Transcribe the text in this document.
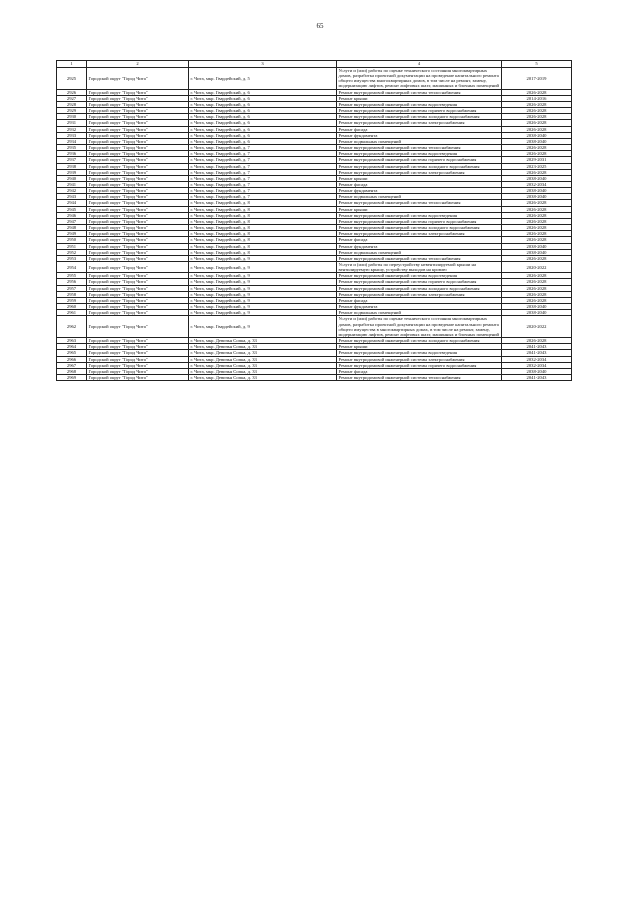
65
1	2	3	4	5
2925	Городской округ "Город Чита"	г. Чита, мкр. Гвардейский, д. 5	Услуги и (или) работы по оценке технического состояния многоквартирных домов, разработка проектной документации на проведение капитального ремонта общего имущества многоквартирных домов, в том числе на ремонт, замену, модернизацию лифтов, ремонт лифтовых шахт, машинных и блочных помещений	2017-2019
2926	Городской округ "Город Чита"	г. Чита, мкр. Гвардейский, д. 6	Ремонт внутридомовой инженерной системы теплоснабжения	2026-2028
2927	Городской округ "Город Чита"	г. Чита, мкр. Гвардейский, д. 6	Ремонт крыши	2014-2016
2928	Городской округ "Город Чита"	г. Чита, мкр. Гвардейский, д. 6	Ремонт внутридомовой инженерной системы водоотведения	2026-2028
2929	Городской округ "Город Чита"	г. Чита, мкр. Гвардейский, д. 6	Ремонт внутридомовой инженерной системы горячего водоснабжения	2026-2028
2930	Городской округ "Город Чита"	г. Чита, мкр. Гвардейский, д. 6	Ремонт внутридомовой инженерной системы холодного водоснабжения	2026-2028
2931	Городской округ "Город Чита"	г. Чита, мкр. Гвардейский, д. 6	Ремонт внутридомовой инженерной системы электроснабжения	2026-2028
2932	Городской округ "Город Чита"	г. Чита, мкр. Гвардейский, д. 6	Ремонт фасада	2026-2028
2933	Городской округ "Город Чита"	г. Чита, мкр. Гвардейский, д. 6	Ремонт фундамента	2038-2040
2934	Городской округ "Город Чита"	г. Чита, мкр. Гвардейский, д. 6	Ремонт подвальных помещений	2038-2040
2935	Городской округ "Город Чита"	г. Чита, мкр. Гвардейский, д. 7	Ремонт внутридомовой инженерной системы теплоснабжения	2026-2028
2936	Городской округ "Город Чита"	г. Чита, мкр. Гвардейский, д. 7	Ремонт внутридомовой инженерной системы водоотведения	2026-2028
2937	Городской округ "Город Чита"	г. Чита, мкр. Гвардейский, д. 7	Ремонт внутридомовой инженерной системы горячего водоснабжения	2029-2031
2938	Городской округ "Город Чита"	г. Чита, мкр. Гвардейский, д. 7	Ремонт внутридомовой инженерной системы холодного водоснабжения	2023-2025
2939	Городской округ "Город Чита"	г. Чита, мкр. Гвардейский, д. 7	Ремонт внутридомовой инженерной системы электроснабжения	2026-2028
2940	Городской округ "Город Чита"	г. Чита, мкр. Гвардейский, д. 7	Ремонт крыши	2038-2040
2941	Городской округ "Город Чита"	г. Чита, мкр. Гвардейский, д. 7	Ремонт фасада	2032-2034
2942	Городской округ "Город Чита"	г. Чита, мкр. Гвардейский, д. 7	Ремонт фундамента	2038-2040
2943	Городской округ "Город Чита"	г. Чита, мкр. Гвардейский, д. 7	Ремонт подвальных помещений	2038-2040
2944	Городской округ "Город Чита"	г. Чита, мкр. Гвардейский, д. 8	Ремонт внутридомовой инженерной системы теплоснабжения	2026-2028
2945	Городской округ "Город Чита"	г. Чита, мкр. Гвардейский, д. 8	Ремонт крыши	2026-2028
2946	Городской округ "Город Чита"	г. Чита, мкр. Гвардейский, д. 8	Ремонт внутридомовой инженерной системы водоотведения	2026-2028
2947	Городской округ "Город Чита"	г. Чита, мкр. Гвардейский, д. 8	Ремонт внутридомовой инженерной системы горячего водоснабжения	2026-2028
2948	Городской округ "Город Чита"	г. Чита, мкр. Гвардейский, д. 8	Ремонт внутридомовой инженерной системы холодного водоснабжения	2026-2028
2949	Городской округ "Город Чита"	г. Чита, мкр. Гвардейский, д. 8	Ремонт внутридомовой инженерной системы электроснабжения	2026-2028
2950	Городской округ "Город Чита"	г. Чита, мкр. Гвардейский, д. 8	Ремонт фасада	2026-2028
2951	Городской округ "Город Чита"	г. Чита, мкр. Гвардейский, д. 8	Ремонт фундамента	2038-2040
2952	Городской округ "Город Чита"	г. Чита, мкр. Гвардейский, д. 8	Ремонт подвальных помещений	2038-2040
2953	Городской округ "Город Чита"	г. Чита, мкр. Гвардейский, д. 9	Ремонт внутридомовой инженерной системы теплоснабжения	2026-2028
2954	Городской округ "Город Чита"	г. Чита, мкр. Гвардейский, д. 9	Услуги и (или) работы по переустройству невентилируемой крыши на вентилируемую крышу, устройству выходов на кровлю	2020-2022
2955	Городской округ "Город Чита"	г. Чита, мкр. Гвардейский, д. 9	Ремонт внутридомовой инженерной системы водоотведения	2026-2028
2956	Городской округ "Город Чита"	г. Чита, мкр. Гвардейский, д. 9	Ремонт внутридомовой инженерной системы горячего водоснабжения	2026-2028
2957	Городской округ "Город Чита"	г. Чита, мкр. Гвардейский, д. 9	Ремонт внутридомовой инженерной системы холодного водоснабжения	2026-2028
2958	Городской округ "Город Чита"	г. Чита, мкр. Гвардейский, д. 9	Ремонт внутридомовой инженерной системы электроснабжения	2026-2028
2959	Городской округ "Город Чита"	г. Чита, мкр. Гвардейский, д. 9	Ремонт фасада	2026-2028
2960	Городской округ "Город Чита"	г. Чита, мкр. Гвардейский, д. 9	Ремонт фундамента	2038-2040
2961	Городской округ "Город Чита"	г. Чита, мкр. Гвардейский, д. 9	Ремонт подвальных помещений	2038-2040
2962	Городской округ "Город Чита"	г. Чита, мкр. Гвардейский, д. 9	Услуги и (или) работы по оценке технического состояния многоквартирных домов, разработка проектной документации на проведение капитального ремонта общего имущества в многоквартирных домах, в том числе на ремонт, замену, модернизацию лифтов, ремонт лифтовых шахт, машинных и блочных помещений	2020-2022
2963	Городской округ "Город Чита"	г. Чита, мкр. Девичья Сопка, д. 33	Ремонт внутридомовой инженерной системы холодного водоснабжения	2026-2028
2964	Городской округ "Город Чита"	г. Чита, мкр. Девичья Сопка, д. 33	Ремонт крыши	2041-2043
2965	Городской округ "Город Чита"	г. Чита, мкр. Девичья Сопка, д. 33	Ремонт внутридомовой инженерной системы водоотведения	2041-2043
2966	Городской округ "Город Чита"	г. Чита, мкр. Девичья Сопка, д. 33	Ремонт внутридомовой инженерной системы электроснабжения	2032-2034
2967	Городской округ "Город Чита"	г. Чита, мкр. Девичья Сопка, д. 33	Ремонт внутридомовой инженерной системы горячего водоснабжения	2032-2034
2968	Городской округ "Город Чита"	г. Чита, мкр. Девичья Сопка, д. 33	Ремонт фасада	2038-2040
2969	Городской округ "Город Чита"	г. Чита, мкр. Девичья Сопка, д. 33	Ремонт внутридомовой инженерной системы теплоснабжения	2041-2043
